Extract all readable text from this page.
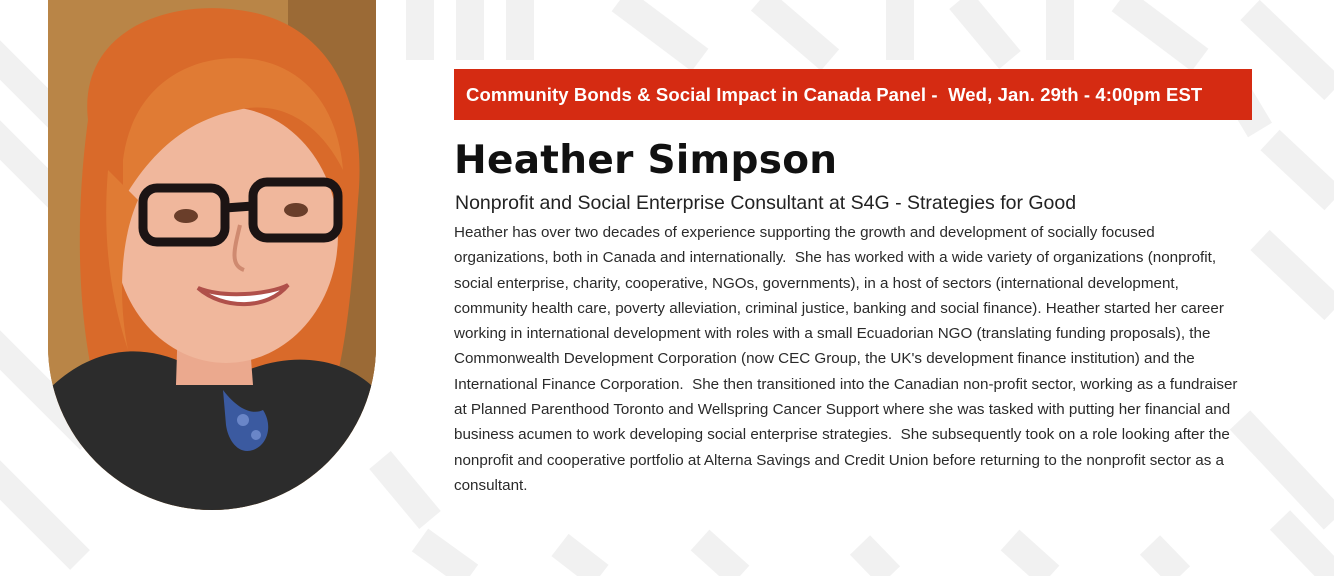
Community Bonds & Social Impact in Canada Panel -  Wed, Jan. 29th - 4:00pm EST
Heather Simpson

Nonprofit and Social Enterprise Consultant at S4G - Strategies for Good

Heather has over two decades of experience supporting the growth and development of socially focused organizations, both in Canada and internationally.  She has worked with a wide variety of organizations (nonprofit, social enterprise, charity, cooperative, NGOs, governments), in a host of sectors (international development, community health care, poverty alleviation, criminal justice, banking and social finance). Heather started her career working in international development with roles with a small Ecuadorian NGO (translating funding proposals), the Commonwealth Development Corporation (now CEC Group, the UK's development finance institution) and the International Finance Corporation.  She then transitioned into the Canadian non-profit sector, working as a fundraiser at Planned Parenthood Toronto and Wellspring Cancer Support where she was tasked with putting her financial and business acumen to work developing social enterprise strategies.  She subsequently took on a role looking after the nonprofit and cooperative portfolio at Alterna Savings and Credit Union before returning to the nonprofit sector as a consultant.
